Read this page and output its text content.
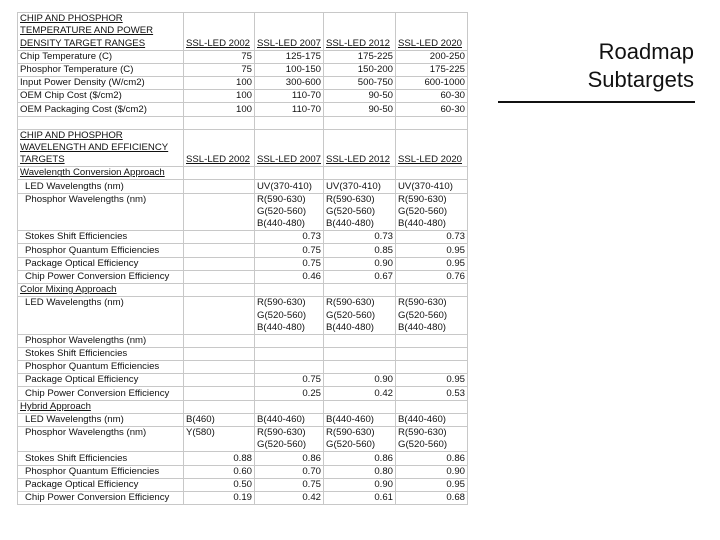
CHIP AND PHOSPHOR				
TEMPERATURE AND POWER				
DENSITY TARGET RANGES	SSL-LED 2002	SSL-LED 2007	SSL-LED 2012	SSL-LED 2020
Chip Temperature (C)	75	125-175	175-225	200-250
Phosphor Temperature (C)	75	100-150	150-200	175-225
Input Power Density (W/cm2)	100	300-600	500-750	600-1000
OEM Chip Cost ($/cm2)	100	110-70	90-50	60-30
OEM Packaging Cost ($/cm2)	100	110-70	90-50	60-30

CHIP AND PHOSPHOR				
WAVELENGTH AND EFFICIENCY				
TARGETS	SSL-LED 2002	SSL-LED 2007	SSL-LED 2012	SSL-LED 2020
Wavelength Conversion Approach				
LED Wavelengths (nm)		UV(370-410)	UV(370-410)	UV(370-410)
Phosphor Wavelengths (nm)		R(590-630)	R(590-630)	R(590-630)
		G(520-560)	G(520-560)	G(520-560)
		B(440-480)	B(440-480)	B(440-480)
Stokes Shift Efficiencies		0.73	0.73	0.73
Phosphor Quantum Efficiencies		0.75	0.85	0.95
Package Optical Efficiency		0.75	0.90	0.95
Chip Power Conversion Efficiency		0.46	0.67	0.76
Color Mixing Approach				
LED Wavelengths (nm)		R(590-630)	R(590-630)	R(590-630)
		G(520-560)	G(520-560)	G(520-560)
		B(440-480)	B(440-480)	B(440-480)
Phosphor Wavelengths (nm)				
Stokes Shift Efficiencies				
Phosphor Quantum Efficiencies				
Package Optical Efficiency		0.75	0.90	0.95
Chip Power Conversion Efficiency		0.25	0.42	0.53
Hybrid Approach				
LED Wavelengths (nm)	B(460)	B(440-460)	B(440-460)	B(440-460)
Phosphor Wavelengths (nm)	Y(580)	R(590-630)	R(590-630)	R(590-630)
		G(520-560)	G(520-560)	G(520-560)
Stokes Shift Efficiencies	0.88	0.86	0.86	0.86
Phosphor Quantum Efficiencies	0.60	0.70	0.80	0.90
Package Optical Efficiency	0.50	0.75	0.90	0.95
Chip Power Conversion Efficiency	0.19	0.42	0.61	0.68
Roadmap
Subtargets
